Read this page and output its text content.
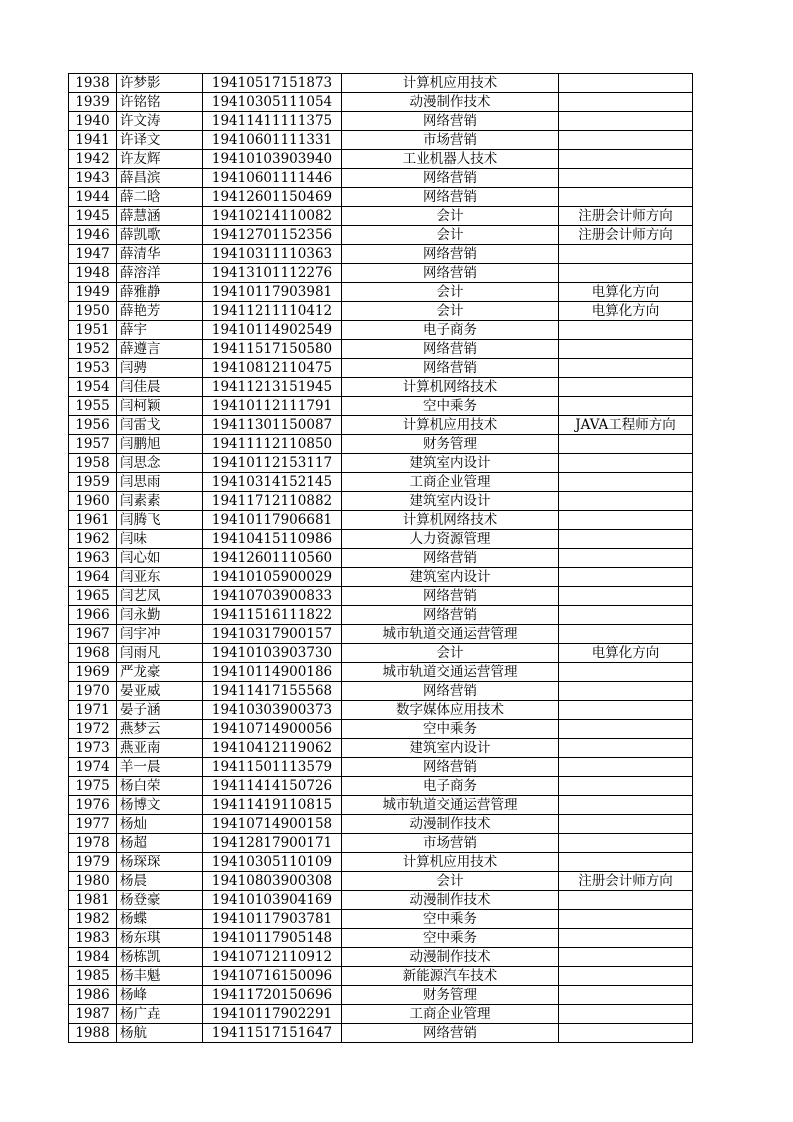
1938	许梦影	19410517151873	计算机应用技术	
1939	许铭铭	19410305111054	动漫制作技术	
1940	许文涛	19411411111375	网络营销	
1941	许译文	19410601111331	市场营销	
1942	许友辉	19410103903940	工业机器人技术	
1943	薛昌滨	19410601111446	网络营销	
1944	薛二晗	19412601150469	网络营销	
1945	薛慧涵	19410214110082	会计	注册会计师方向
1946	薛凯歌	19412701152356	会计	注册会计师方向
1947	薛清华	19410311110363	网络营销	
1948	薛溶洋	19413101112276	网络营销	
1949	薛雅静	19410117903981	会计	电算化方向
1950	薛艳芳	19411211110412	会计	电算化方向
1951	薛宇	19410114902549	电子商务	
1952	薛遵言	19411517150580	网络营销	
1953	闫骋	19410812110475	网络营销	
1954	闫佳晨	19411213151945	计算机网络技术	
1955	闫柯颖	19410112111791	空中乘务	
1956	闫雷戈	19411301150087	计算机应用技术	JAVA工程师方向
1957	闫鹏旭	19411112110850	财务管理	
1958	闫思念	19410112153117	建筑室内设计	
1959	闫思雨	19410314152145	工商企业管理	
1960	闫素素	19411712110882	建筑室内设计	
1961	闫腾飞	19410117906681	计算机网络技术	
1962	闫味	19410415110986	人力资源管理	
1963	闫心如	19412601110560	网络营销	
1964	闫亚东	19410105900029	建筑室内设计	
1965	闫艺凤	19410703900833	网络营销	
1966	闫永勤	19411516111822	网络营销	
1967	闫宇冲	19410317900157	城市轨道交通运营管理	
1968	闫雨凡	19410103903730	会计	电算化方向
1969	严龙豪	19410114900186	城市轨道交通运营管理	
1970	晏亚威	19411417155568	网络营销	
1971	晏子涵	19410303900373	数字媒体应用技术	
1972	燕梦云	19410714900056	空中乘务	
1973	燕亚南	19410412119062	建筑室内设计	
1974	羊一晨	19411501113579	网络营销	
1975	杨白荣	19411414150726	电子商务	
1976	杨博文	19411419110815	城市轨道交通运营管理	
1977	杨灿	19410714900158	动漫制作技术	
1978	杨超	19412817900171	市场营销	
1979	杨琛琛	19410305110109	计算机应用技术	
1980	杨晨	19410803900308	会计	注册会计师方向
1981	杨登豪	19410103904169	动漫制作技术	
1982	杨蝶	19410117903781	空中乘务	
1983	杨东琪	19410117905148	空中乘务	
1984	杨栋凯	19410712110912	动漫制作技术	
1985	杨丰魁	19410716150096	新能源汽车技术	
1986	杨峰	19411720150696	财务管理	
1987	杨广垚	19410117902291	工商企业管理	
1988	杨航	19411517151647	网络营销	
